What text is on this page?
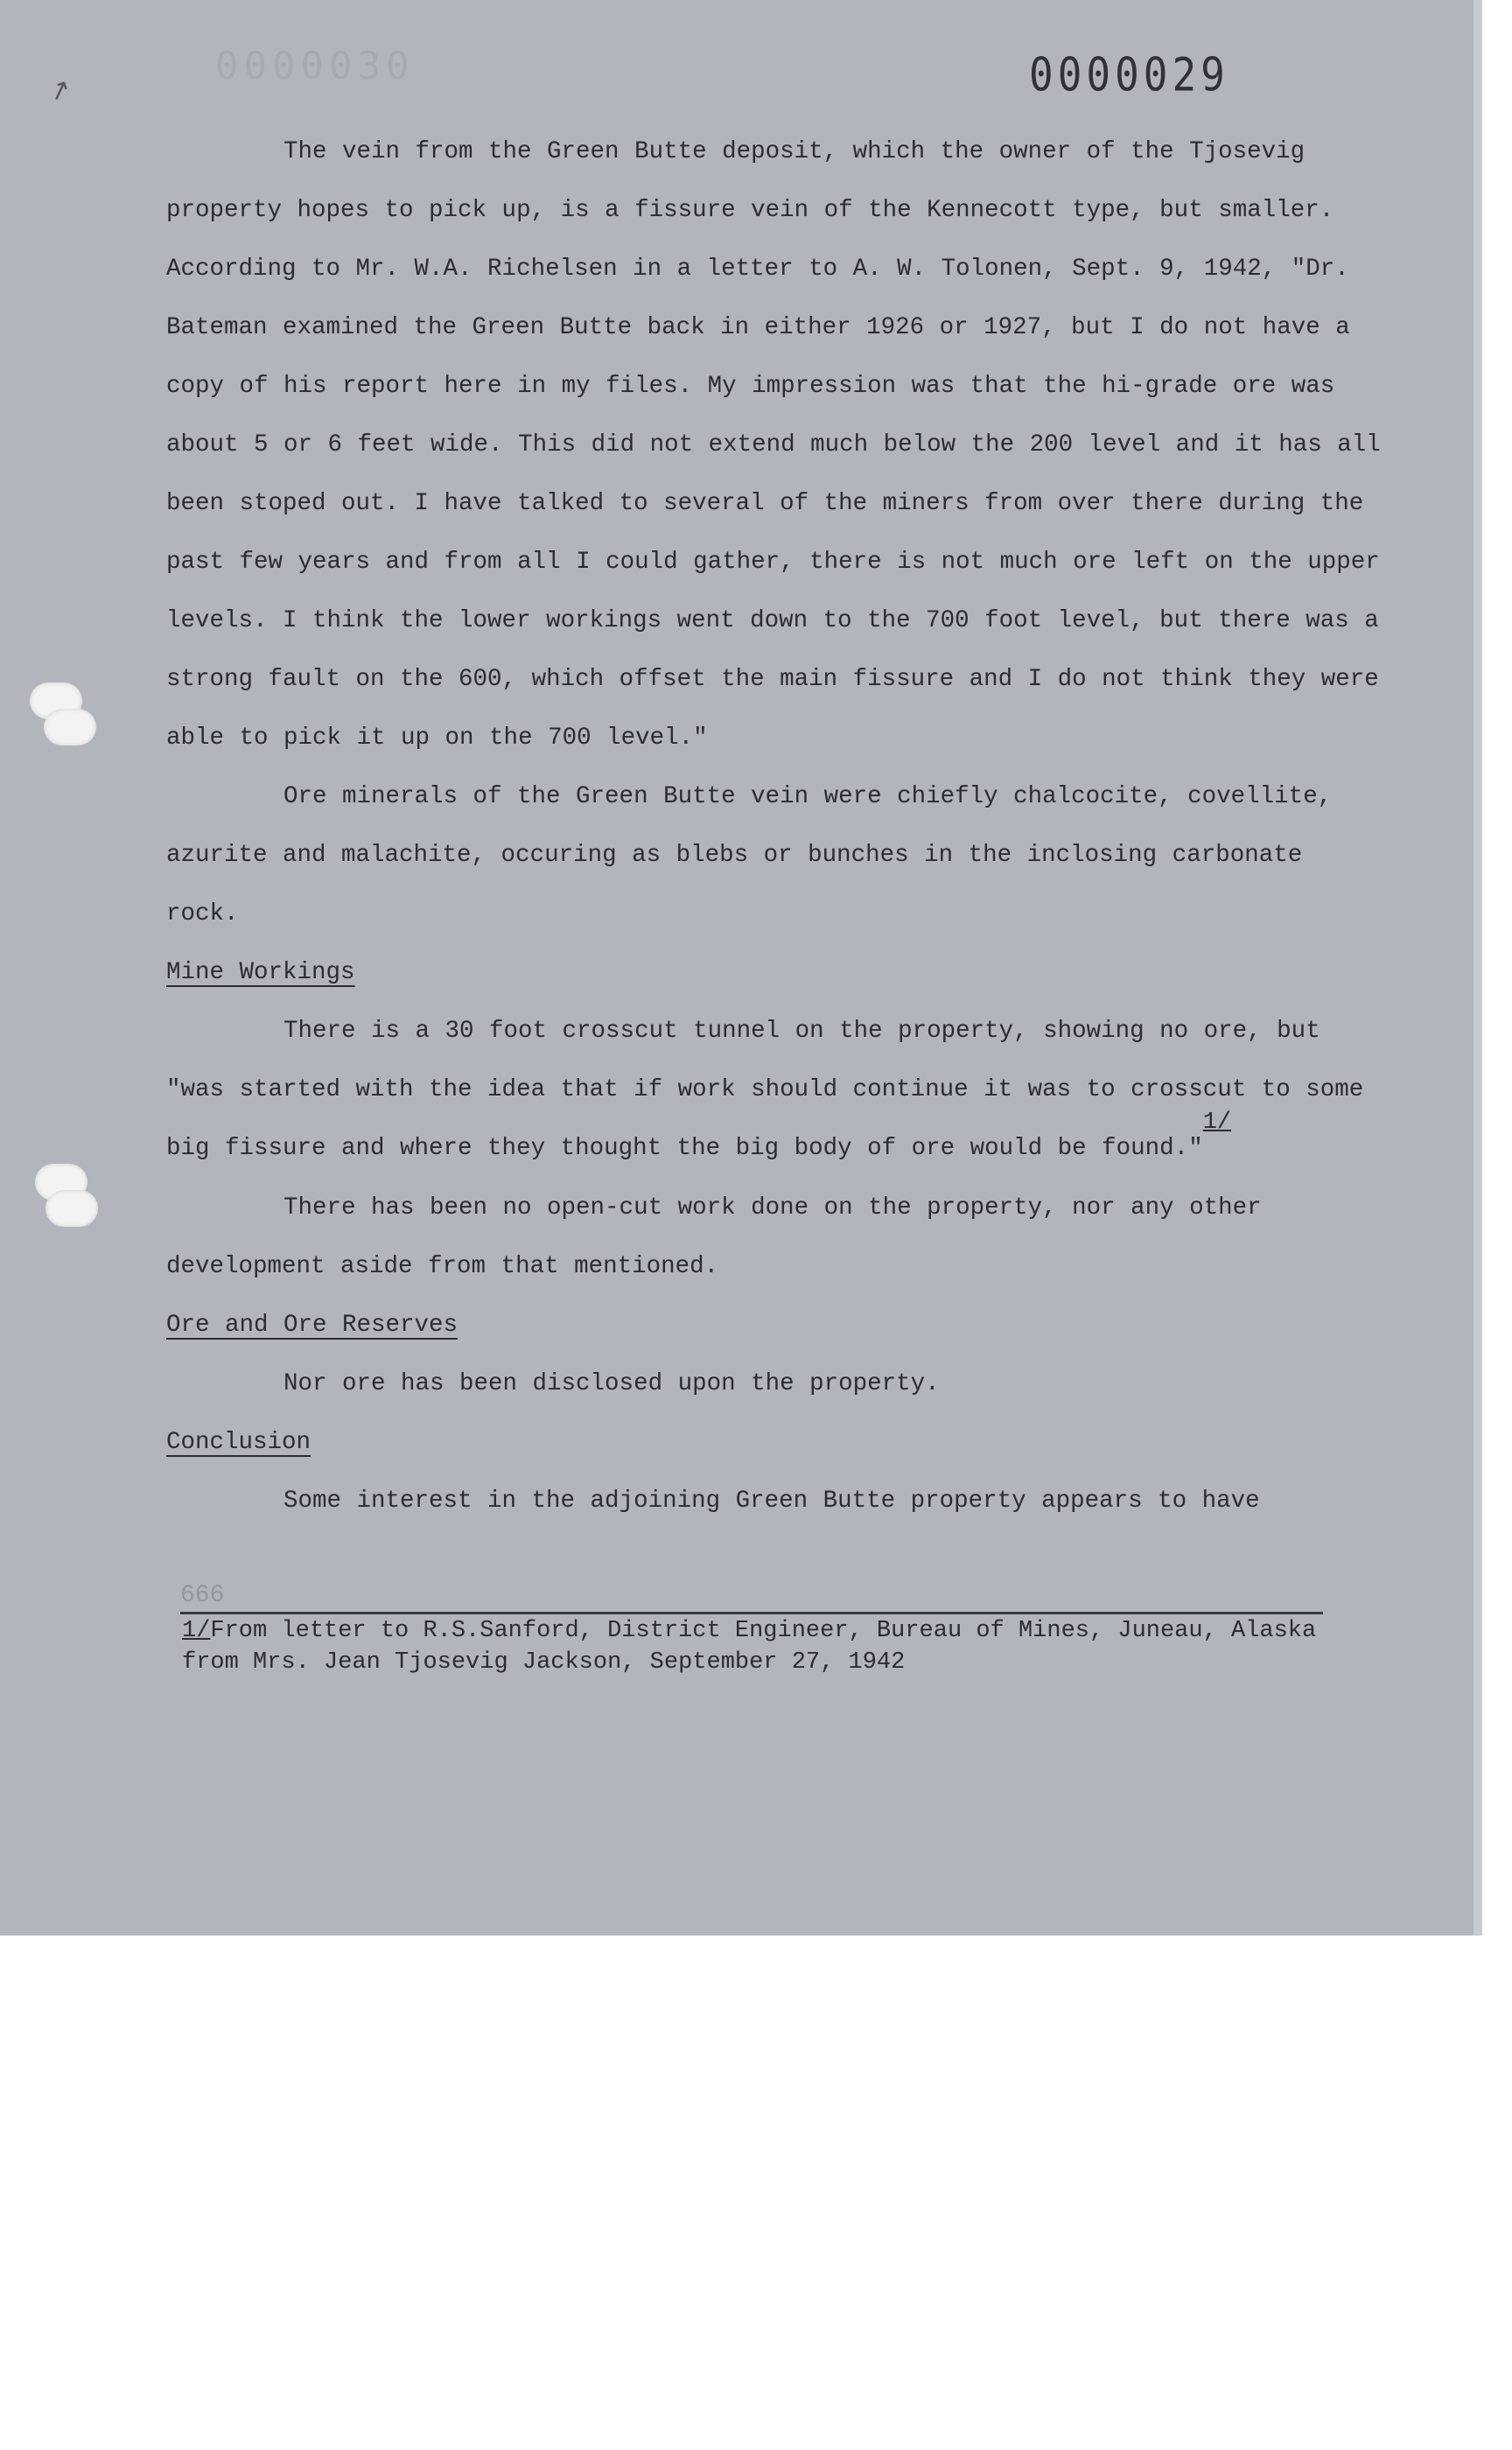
0000030	0000029
↗

The vein from the Green Butte deposit, which the owner of the Tjosevig property hopes to pick up, is a fissure vein of the Kennecott type, but smaller. According to Mr. W.A. Richelsen in a letter to A. W. Tolonen, Sept. 9, 1942, "Dr. Bateman examined the Green Butte back in either 1926 or 1927, but I do not have a copy of his report here in my files. My impression was that the hi-grade ore was about 5 or 6 feet wide. This did not extend much below the 200 level and it has all been stoped out. I have talked to several of the miners from over there during the past few years and from all I could gather, there is not much ore left on the upper levels. I think the lower workings went down to the 700 foot level, but there was a strong fault on the 600, which offset the main fissure and I do not think they were able to pick it up on the 700 level."

Ore minerals of the Green Butte vein were chiefly chalcocite, covellite, azurite and malachite, occuring as blebs or bunches in the inclosing carbonate rock.

Mine Workings

There is a 30 foot crosscut tunnel on the property, showing no ore, but "was started with the idea that if work should continue it was to crosscut to some big fissure and where they thought the big body of ore would be found."1/

There has been no open-cut work done on the property, nor any other development aside from that mentioned.

Ore and Ore Reserves

Nor ore has been disclosed upon the property.

Conclusion

Some interest in the adjoining Green Butte property appears to have

666
1/From letter to R.S.Sanford, District Engineer, Bureau of Mines, Juneau, Alaska
from Mrs. Jean Tjosevig Jackson, September 27, 1942
